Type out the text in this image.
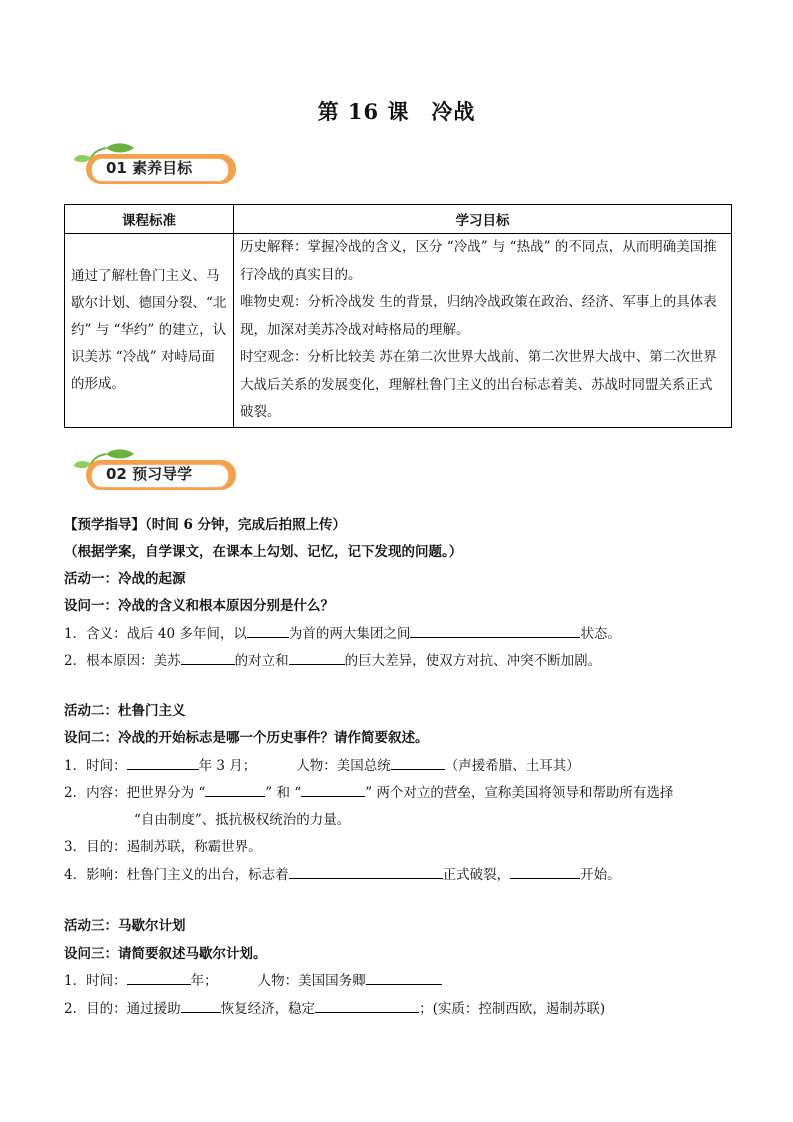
第 16 课　冷战
01 素养目标
课程标准	学习目标
通过了解杜鲁门主义、马歇尔计划、德国分裂、“北约” 与 “华约” 的建立，认识美苏 “冷战” 对峙局面的形成。	历史解释：掌握冷战的含义，区分 “冷战” 与 “热战” 的不同点，从而明确美国推行冷战的真实目的。
唯物史观：分析冷战发 生的背景，归纳冷战政策在政治、经济、军事上的具体表现，加深对美苏冷战对峙格局的理解。
时空观念：分析比较美 苏在第二次世界大战前、第二次世界大战中、第二次世界大战后关系的发展变化，理解杜鲁门主义的出台标志着美、苏战时同盟关系正式破裂。
02 预习导学
【预学指导】（时间 6 分钟，完成后拍照上传）
（根据学案，自学课文，在课本上勾划、记忆，记下发现的问题。）
活动一：冷战的起源
设问一：冷战的含义和根本原因分别是什么？
1．含义：战后 40 多年间，以	为首的两大集团之间	状态。
2．根本原因：美苏	的对立和	的巨大差异，使双方对抗、冲突不断加剧。
活动二：杜鲁门主义
设问二：冷战的开始标志是哪一个历史事件？请作简要叙述。
1．时间：	年 3 月；	人物：美国总统	（声援希腊、土耳其）
2．内容：把世界分为 “	” 和 “	” 两个对立的营垒，宣称美国将领导和帮助所有选择
“自由制度”、抵抗极权统治的力量。
3．目的：遏制苏联，称霸世界。
4．影响：杜鲁门主义的出台，标志着	正式破裂，	开始。
活动三：马歇尔计划
设问三：请简要叙述马歇尔计划。
1．时间：	年；	人物：美国国务卿
2．目的：通过援助	恢复经济，稳定	；(实质：控制西欧，遏制苏联)
